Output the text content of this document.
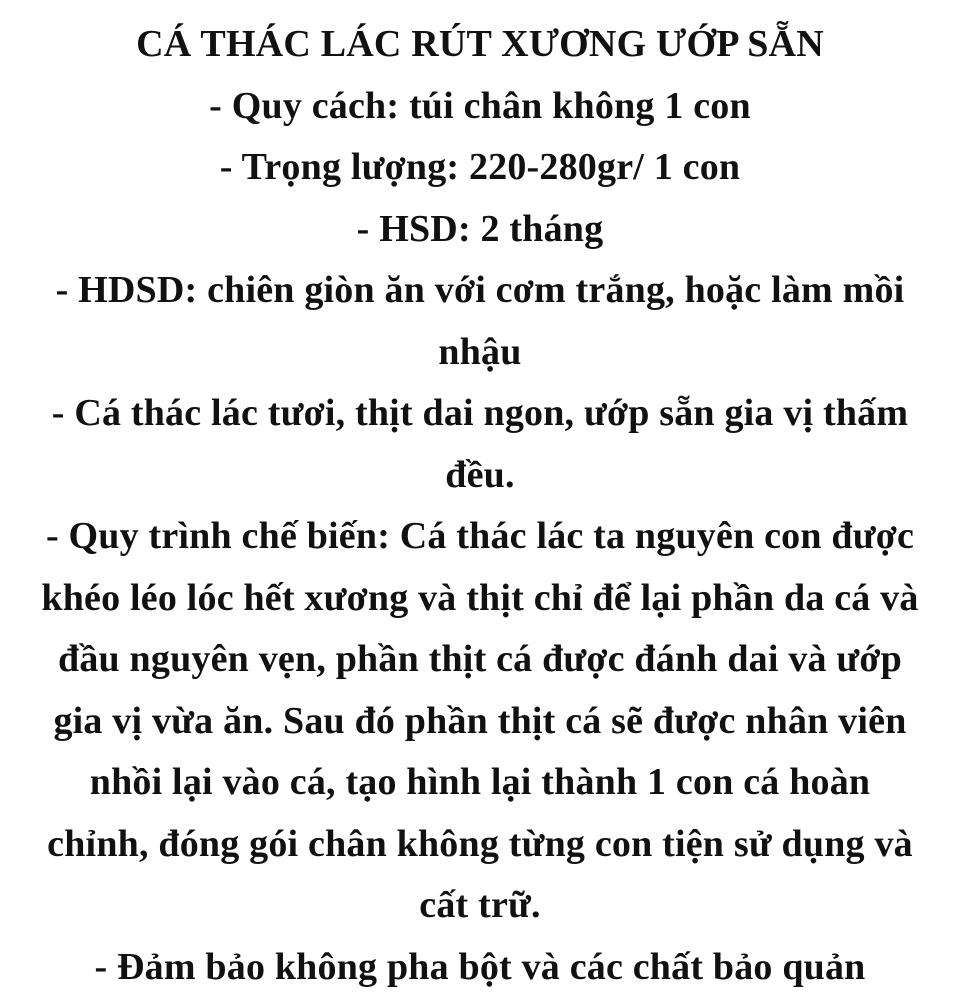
CÁ THÁC LÁC RÚT XƯƠNG ƯỚP SẴN
- Quy cách: túi chân không 1 con
- Trọng lượng: 220-280gr/ 1 con
- HSD: 2 tháng
- HDSD: chiên giòn ăn với cơm trắng, hoặc làm mồi
nhậu
- Cá thác lác tươi, thịt dai ngon, ướp sẵn gia vị thấm
đều.
- Quy trình chế biến: Cá thác lác ta nguyên con được
khéo léo lóc hết xương và thịt chỉ để lại phần da cá và
đầu nguyên vẹn, phần thịt cá được đánh dai và ướp
gia vị vừa ăn. Sau đó phần thịt cá sẽ được nhân viên
nhồi lại vào cá, tạo hình lại thành 1 con cá hoàn
chỉnh, đóng gói chân không từng con tiện sử dụng và
cất trữ.
- Đảm bảo không pha bột và các chất bảo quản
